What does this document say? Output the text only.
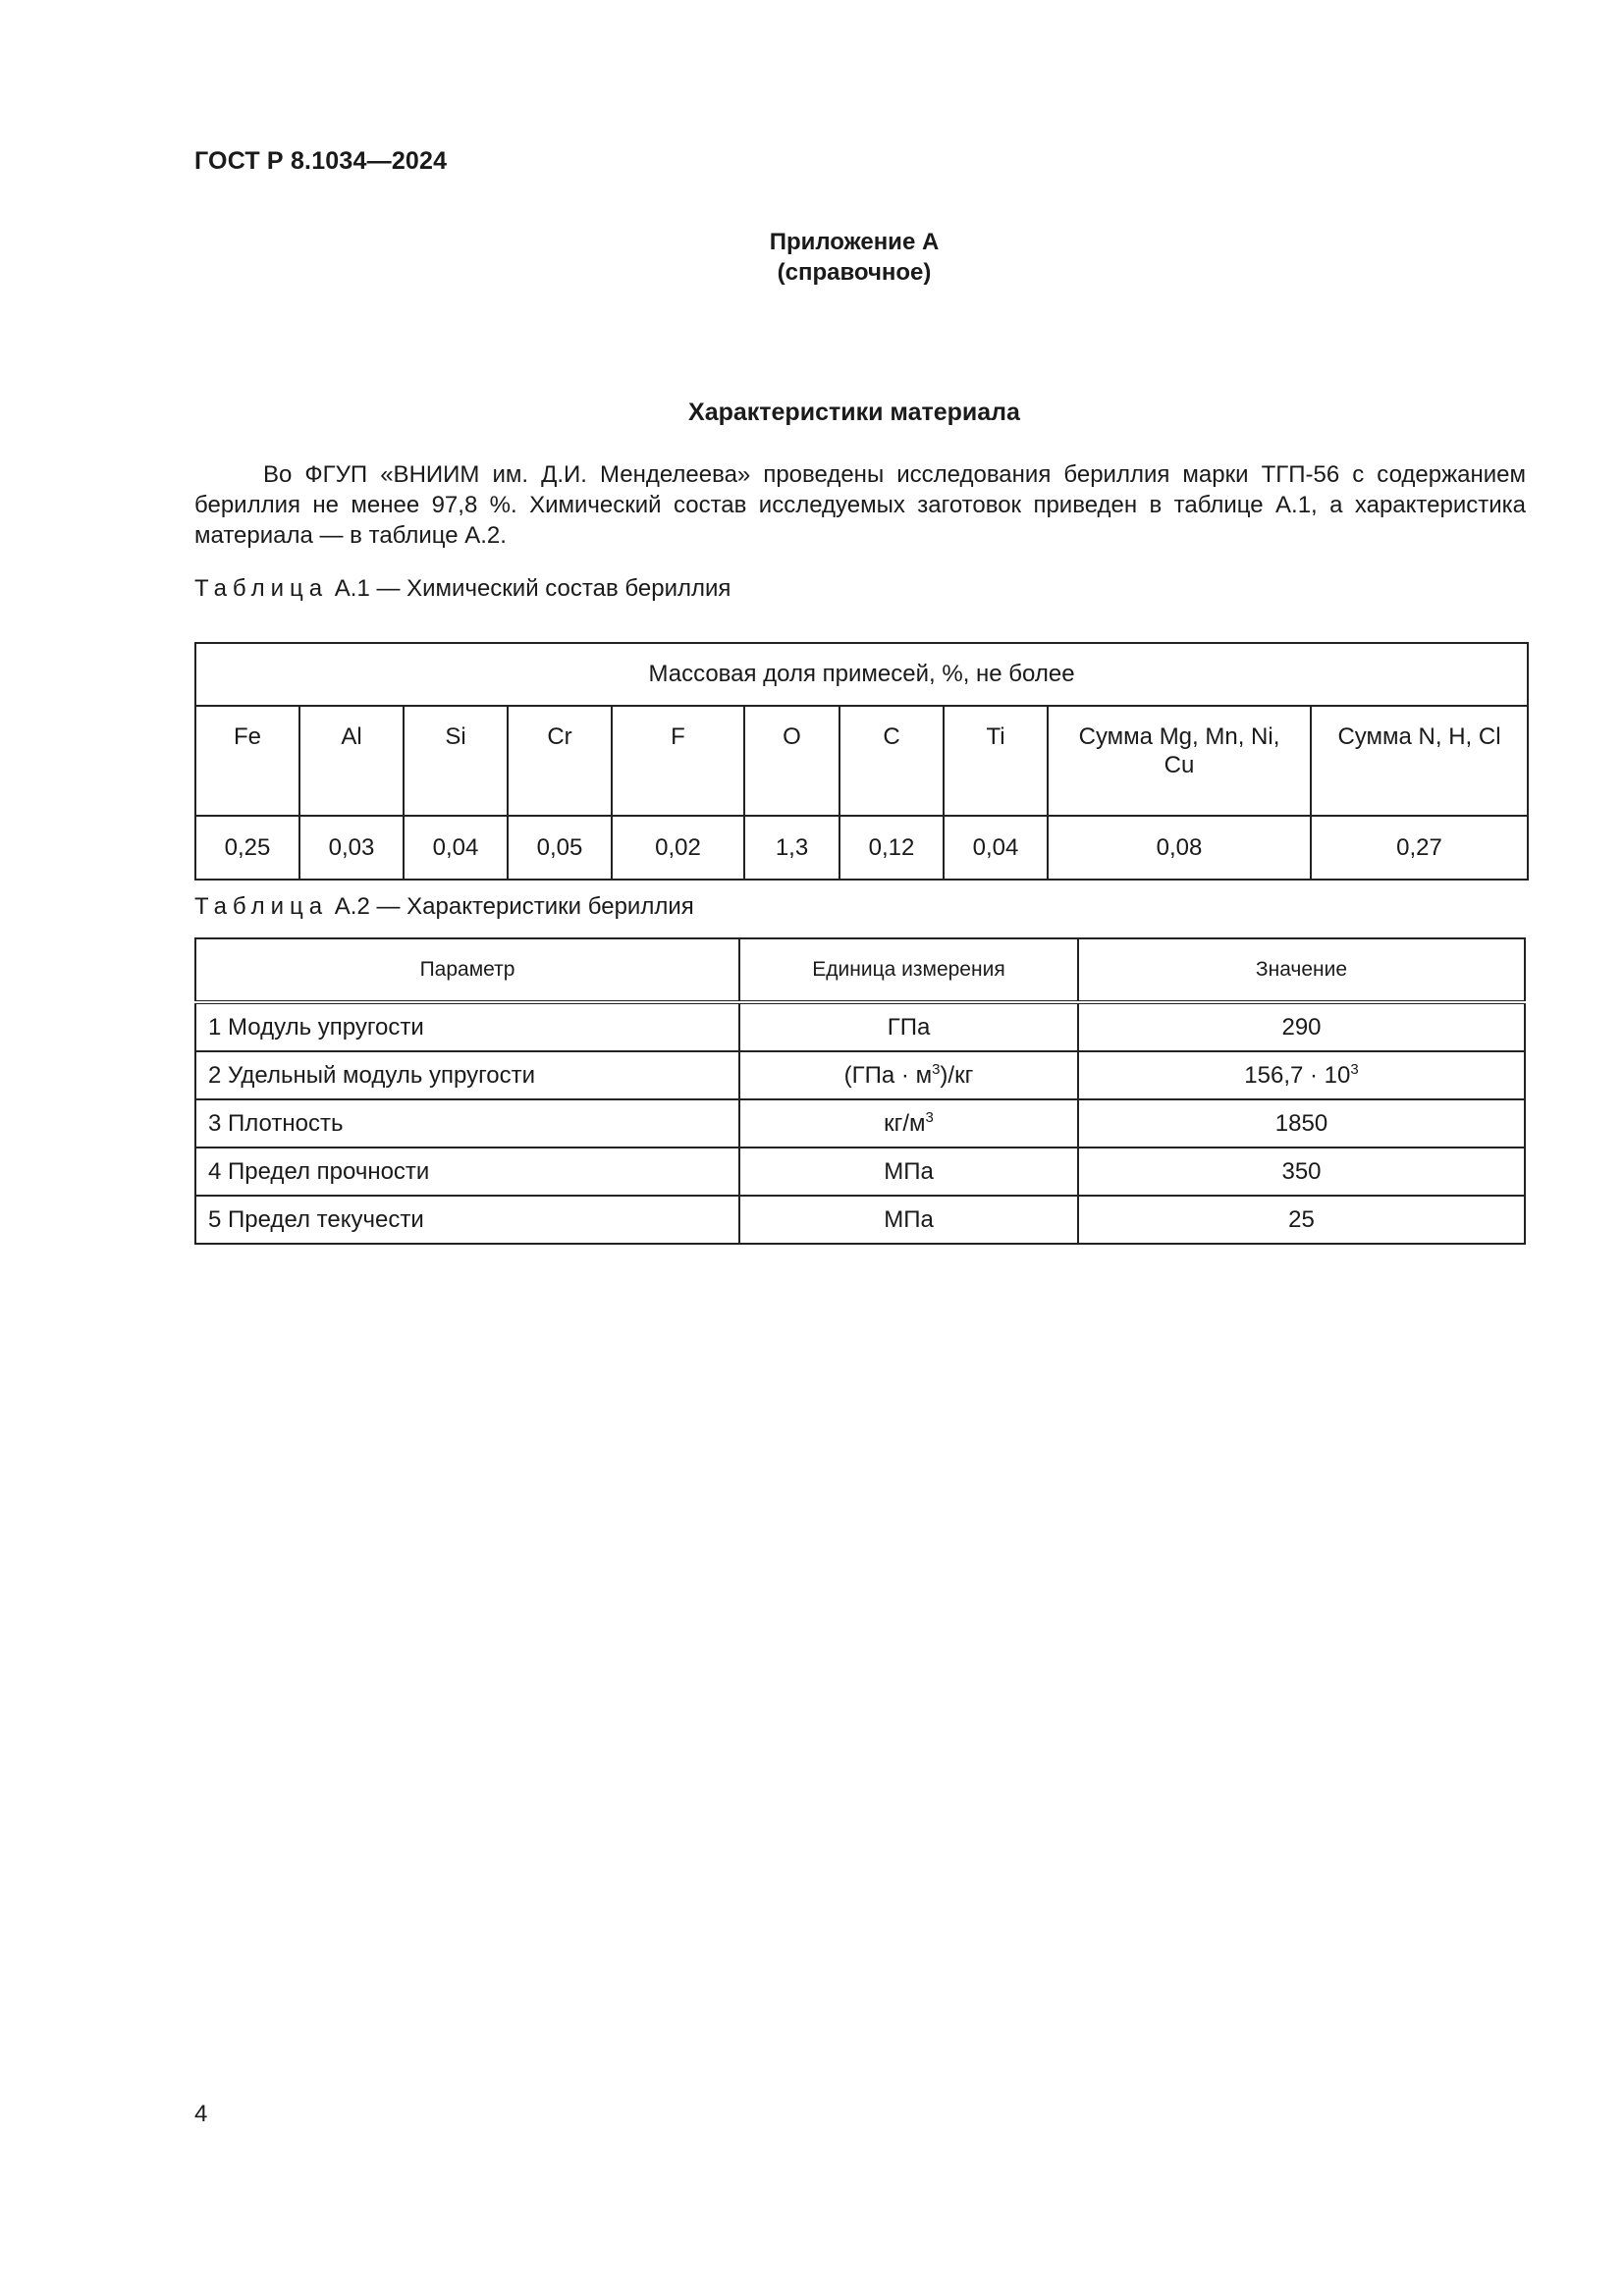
ГОСТ Р 8.1034—2024
Приложение А
(справочное)
Характеристики материала

Во ФГУП «ВНИИМ им. Д.И. Менделеева» проведены исследования бериллия марки ТГП-56 с содержанием бериллия не менее 97,8 %. Химический состав исследуемых заготовок приведен в таблице А.1, а характеристика материала — в таблице А.2.

Таблица А.1 — Химический состав бериллия
Массовая доля примесей, %, не более									
Fe	Al	Si	Cr	F	O	C	Ti	Сумма Mg, Mn, Ni, Cu	Сумма N, H, Cl
0,25	0,03	0,04	0,05	0,02	1,3	0,12	0,04	0,08	0,27
Таблица А.2 — Характеристики бериллия
Параметр	Единица измерения	Значение
1 Модуль упругости	ГПа	290
2 Удельный модуль упругости	$(ГПа \cdot м^3)/кг$	$156,7 \cdot 10^3$
3 Плотность	$кг/м^3$	1850
4 Предел прочности	МПа	350
5 Предел текучести	МПа	25
4
